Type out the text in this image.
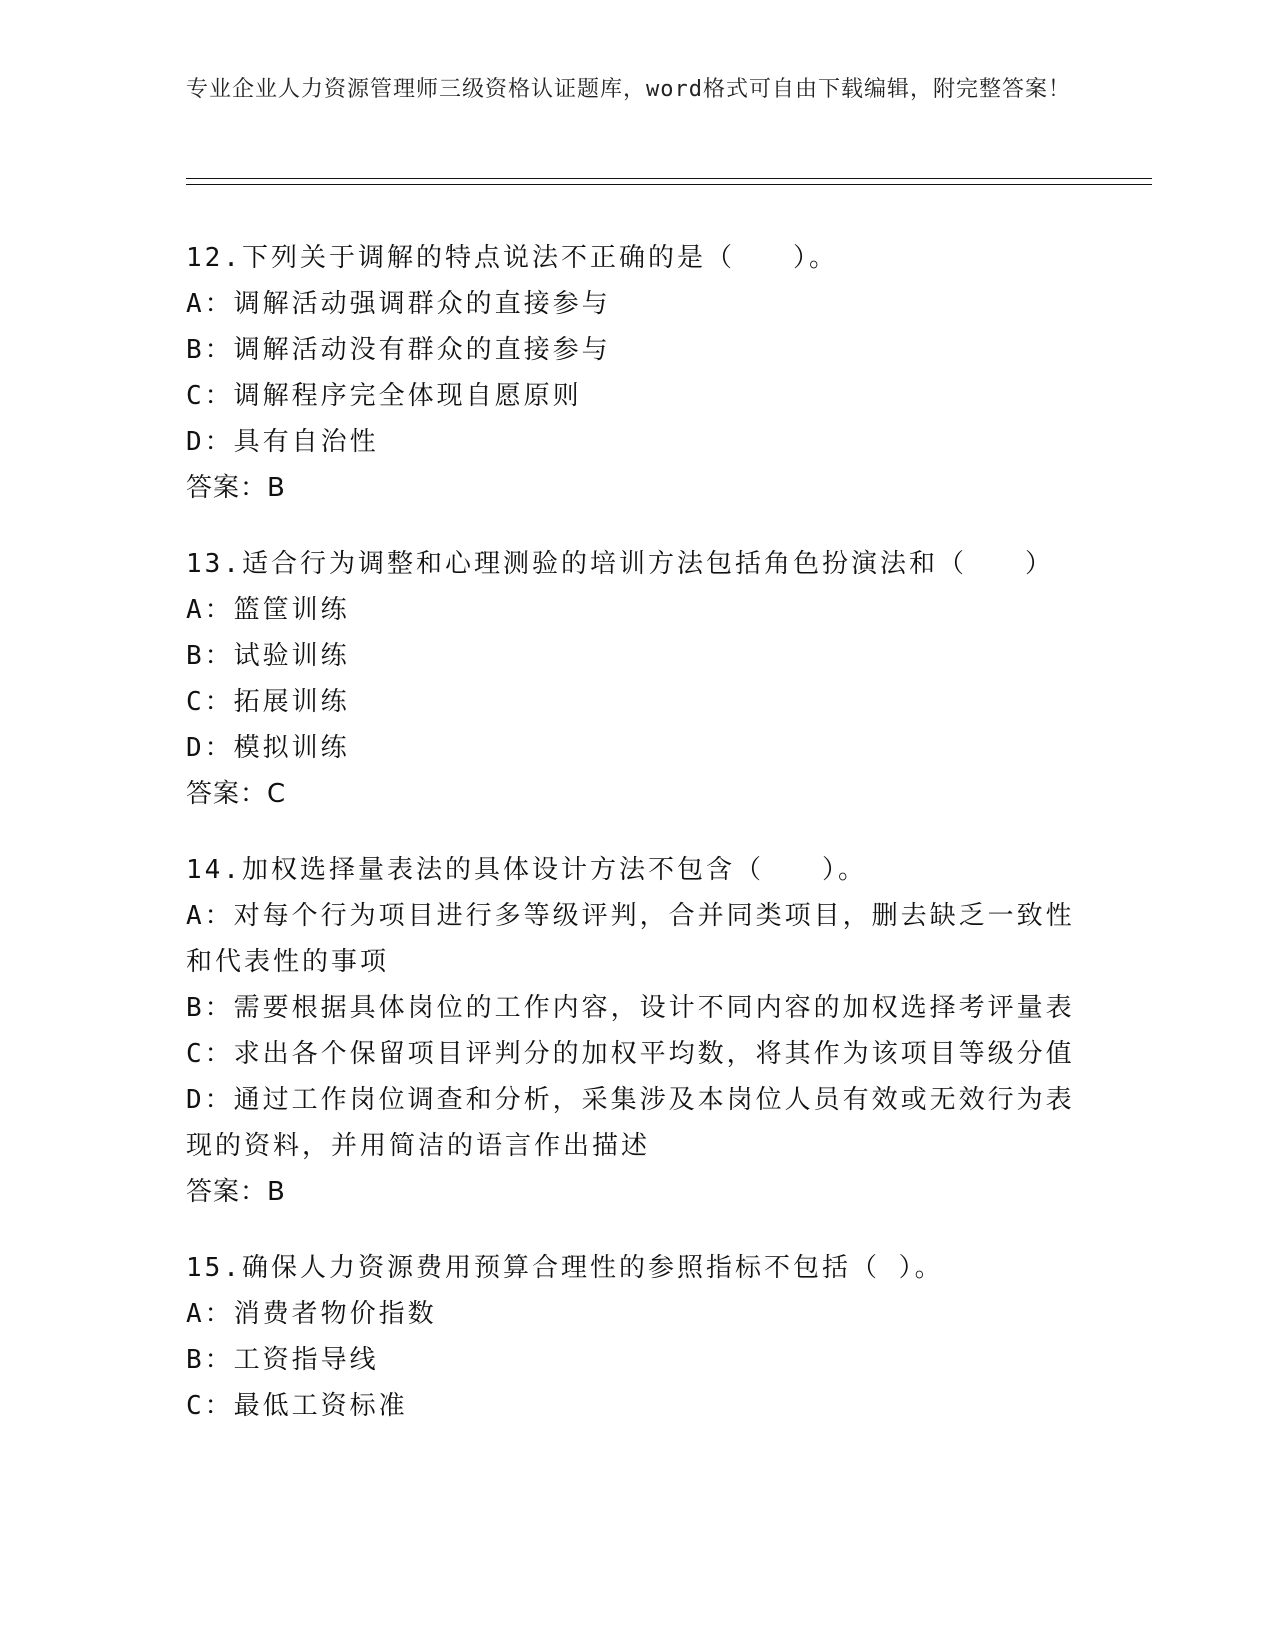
专业企业人力资源管理师三级资格认证题库，word格式可自由下载编辑，附完整答案！
12.下列关于调解的特点说法不正确的是（　　）。
A：调解活动强调群众的直接参与
B：调解活动没有群众的直接参与
C：调解程序完全体现自愿原则
D：具有自治性
答案：B
13.适合行为调整和心理测验的培训方法包括角色扮演法和（　　）
A：篮筐训练
B：试验训练
C：拓展训练
D：模拟训练
答案：C
14.加权选择量表法的具体设计方法不包含（　　）。
A：对每个行为项目进行多等级评判，合并同类项目，删去缺乏一致性和代表性的事项
B：需要根据具体岗位的工作内容，设计不同内容的加权选择考评量表
C：求出各个保留项目评判分的加权平均数，将其作为该项目等级分值
D：通过工作岗位调查和分析，采集涉及本岗位人员有效或无效行为表现的资料，并用简洁的语言作出描述
答案：B
15.确保人力资源费用预算合理性的参照指标不包括（ ）。
A：消费者物价指数
B：工资指导线
C：最低工资标准
